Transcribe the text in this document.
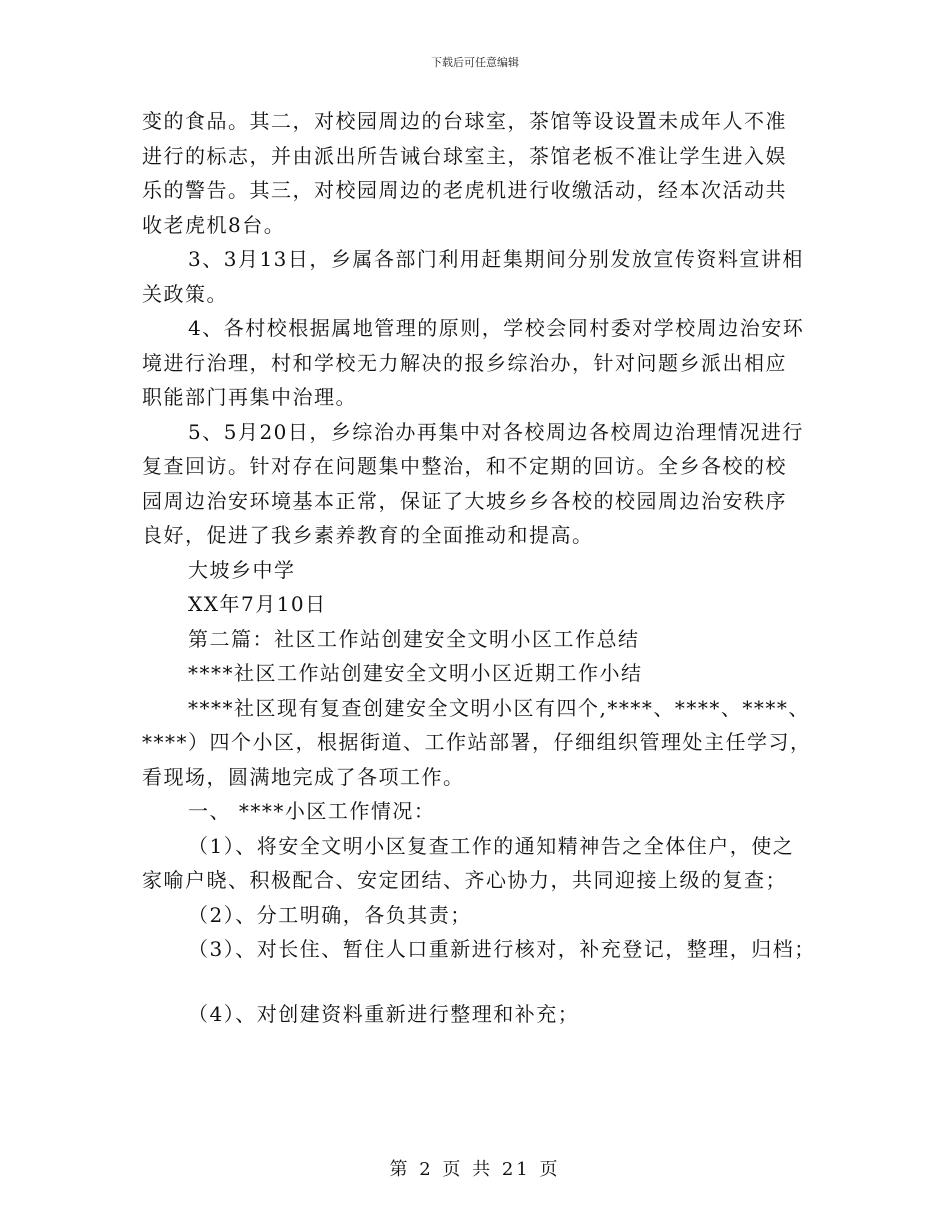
下载后可任意编辑
变的食品。其二，对校园周边的台球室，茶馆等设设置未成年人不准
进行的标志，并由派出所告诫台球室主，茶馆老板不准让学生进入娱
乐的警告。其三，对校园周边的老虎机进行收缴活动，经本次活动共
收老虎机8台。
3、3月13日，乡属各部门利用赶集期间分别发放宣传资料宣讲相
关政策。
4、各村校根据属地管理的原则，学校会同村委对学校周边治安环
境进行治理，村和学校无力解决的报乡综治办，针对问题乡派出相应
职能部门再集中治理。
5、5月20日，乡综治办再集中对各校周边各校周边治理情况进行
复查回访。针对存在问题集中整治，和不定期的回访。全乡各校的校
园周边治安环境基本正常，保证了大坡乡乡各校的校园周边治安秩序
良好，促进了我乡素养教育的全面推动和提高。
大坡乡中学
XX年7月10日
第二篇：社区工作站创建安全文明小区工作总结
****社区工作站创建安全文明小区近期工作小结
****社区现有复查创建安全文明小区有四个,****、****、****、
****）四个小区，根据街道、工作站部署，仔细组织管理处主任学习，
看现场，圆满地完成了各项工作。
一、 ****小区工作情况：
（1）、将安全文明小区复查工作的通知精神告之全体住户，使之
家喻户晓、积极配合、安定团结、齐心协力，共同迎接上级的复查；
（2）、分工明确，各负其责；
（3）、对长住、暂住人口重新进行核对，补充登记，整理，归档；
（4）、对创建资料重新进行整理和补充；
第 2 页 共 21 页
